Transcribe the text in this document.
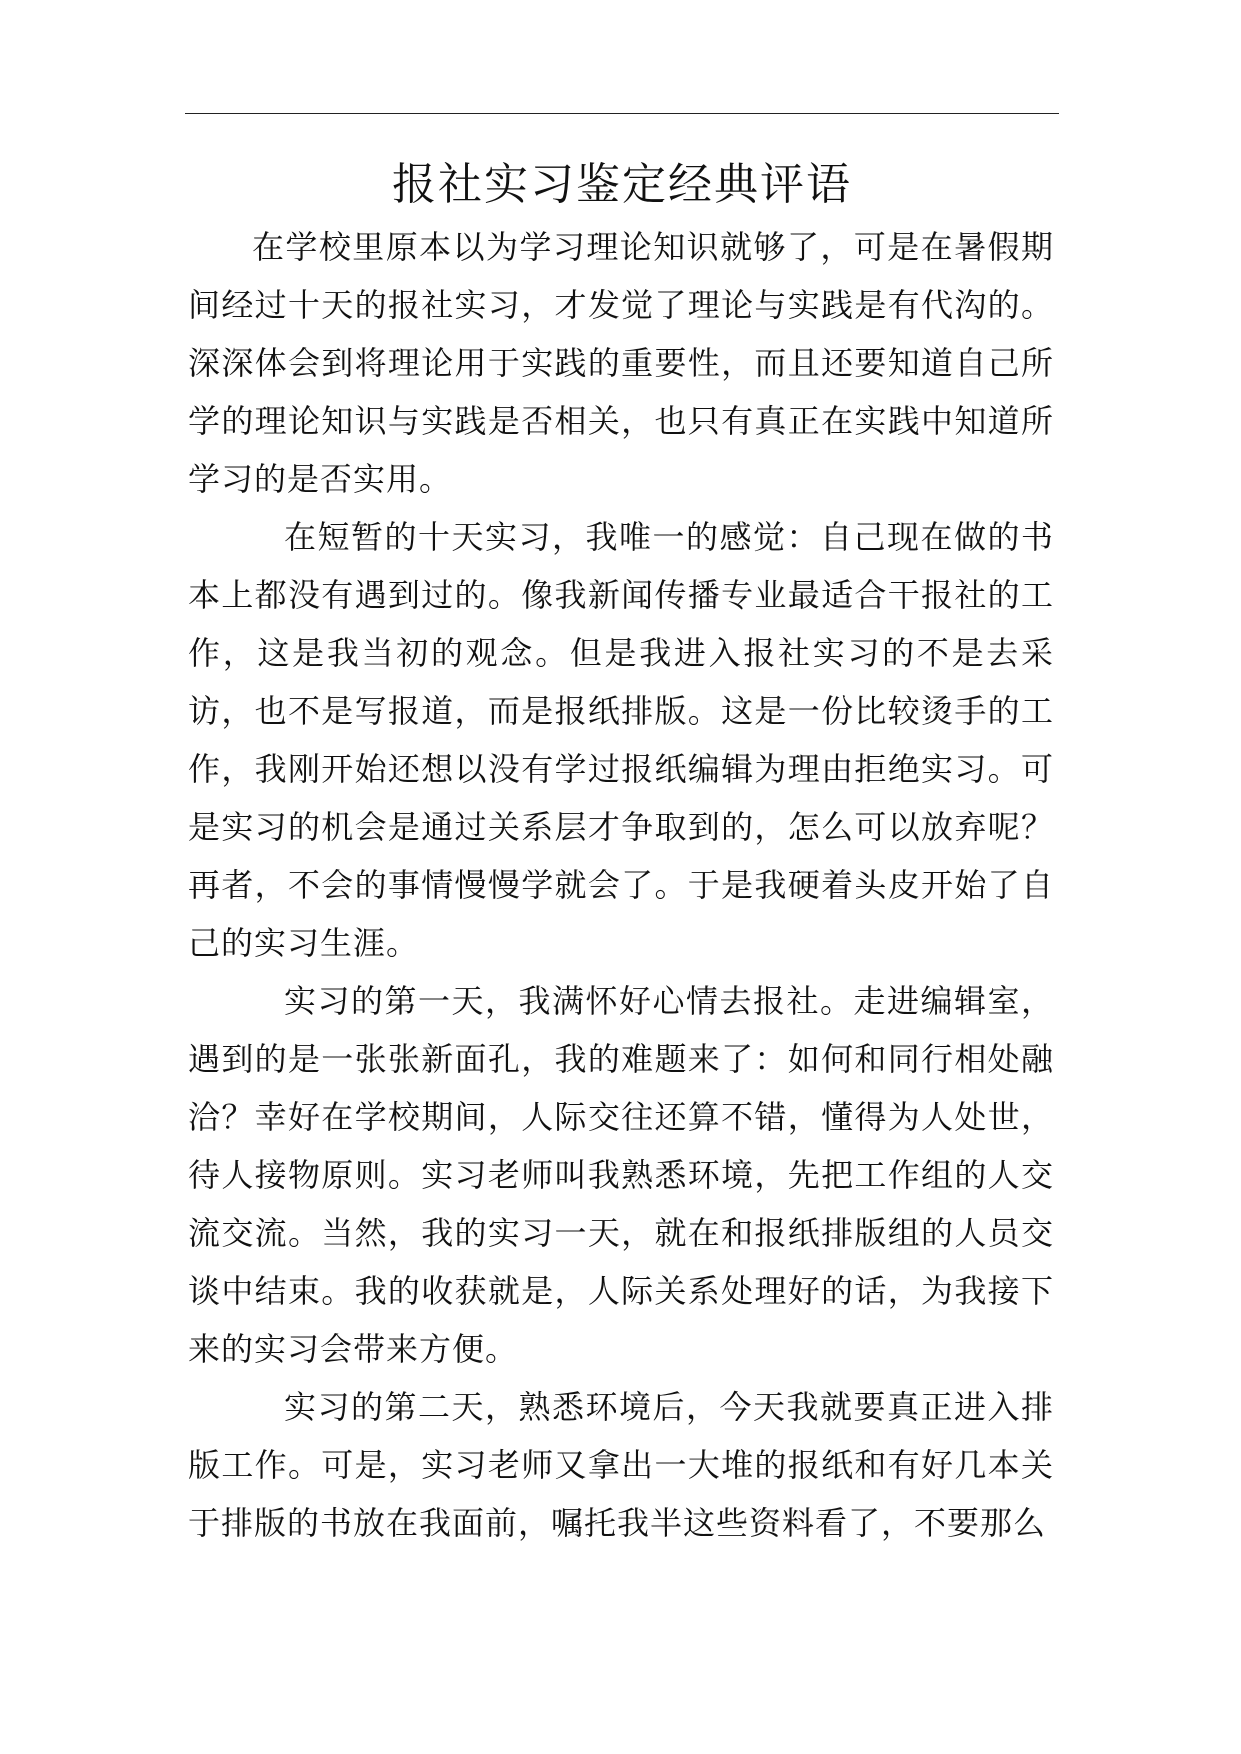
报社实习鉴定经典评语

在学校里原本以为学习理论知识就够了，可是在暑假期间经过十天的报社实习，才发觉了理论与实践是有代沟的。深深体会到将理论用于实践的重要性，而且还要知道自己所学的理论知识与实践是否相关，也只有真正在实践中知道所学习的是否实用。

在短暂的十天实习，我唯一的感觉：自己现在做的书本上都没有遇到过的。像我新闻传播专业最适合干报社的工作，这是我当初的观念。但是我进入报社实习的不是去采访，也不是写报道，而是报纸排版。这是一份比较烫手的工作，我刚开始还想以没有学过报纸编辑为理由拒绝实习。可是实习的机会是通过关系层才争取到的，怎么可以放弃呢？再者，不会的事情慢慢学就会了。于是我硬着头皮开始了自己的实习生涯。

实习的第一天，我满怀好心情去报社。走进编辑室，遇到的是一张张新面孔，我的难题来了：如何和同行相处融洽？幸好在学校期间，人际交往还算不错，懂得为人处世，待人接物原则。实习老师叫我熟悉环境，先把工作组的人交流交流。当然，我的实习一天，就在和报纸排版组的人员交谈中结束。我的收获就是，人际关系处理好的话，为我接下来的实习会带来方便。

实习的第二天，熟悉环境后，今天我就要真正进入排版工作。可是，实习老师又拿出一大堆的报纸和有好几本关于排版的书放在我面前，嘱托我半这些资料看了，不要那么
